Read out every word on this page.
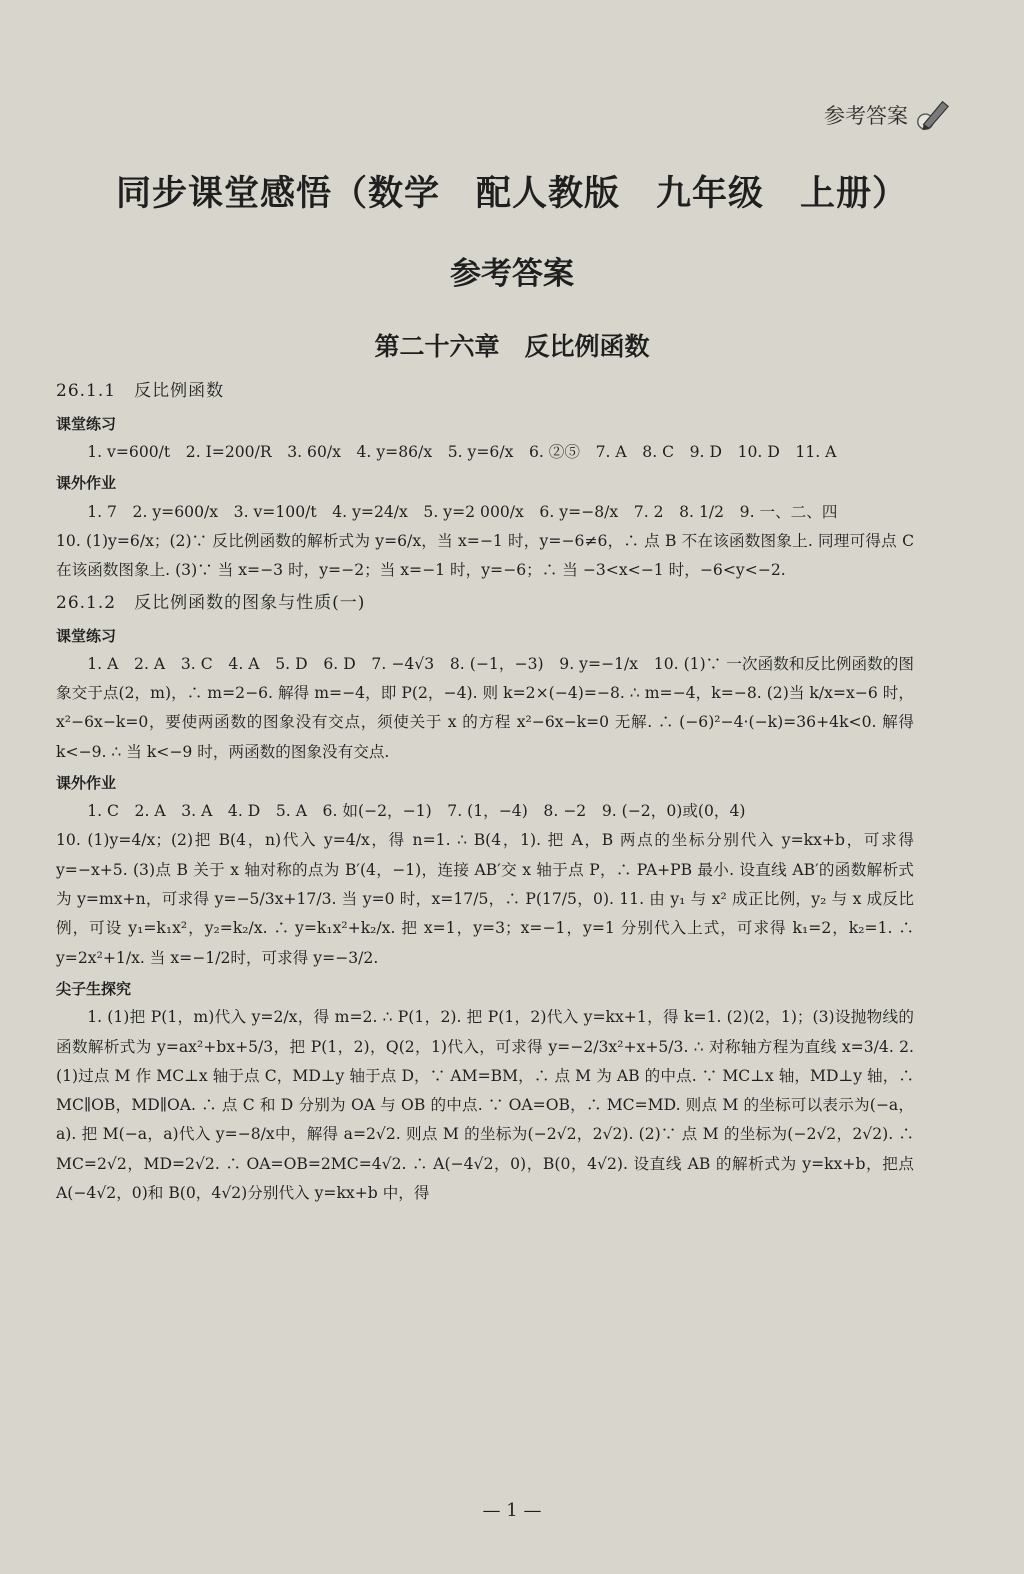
参考答案
同步课堂感悟（数学　配人教版　九年级　上册）
参考答案
第二十六章　反比例函数
26.1.1　反比例函数
课堂练习

1. v=600/t　2. I=200/R　3. 60/x　4. y=86/x　5. y=6/x　6. ②⑤　7. A　8. C　9. D　10. D　11. A

课外作业

1. 7　2. y=600/x　3. v=100/t　4. y=24/x　5. y=2 000/x　6. y=−8/x　7. 2　8. 1/2　9. 一、二、四

10. (1)y=6/x；(2)∵ 反比例函数的解析式为 y=6/x，当 x=−1 时，y=−6≠6，∴ 点 B 不在该函数图象上. 同理可得点 C 在该函数图象上. (3)∵ 当 x=−3 时，y=−2；当 x=−1 时，y=−6；∴ 当 −3<x<−1 时，−6<y<−2.

26.1.2　反比例函数的图象与性质(一)
课堂练习

1. A　2. A　3. C　4. A　5. D　6. D　7. −4√3　8. (−1，−3)　9. y=−1/x　10. (1)∵ 一次函数和反比例函数的图象交于点(2，m)，∴ m=2−6. 解得 m=−4，即 P(2，−4). 则 k=2×(−4)=−8. ∴ m=−4，k=−8. (2)当 k/x=x−6 时，x²−6x−k=0，要使两函数的图象没有交点，须使关于 x 的方程 x²−6x−k=0 无解. ∴ (−6)²−4·(−k)=36+4k<0. 解得 k<−9. ∴ 当 k<−9 时，两函数的图象没有交点.

课外作业

1. C　2. A　3. A　4. D　5. A　6. 如(−2，−1)　7. (1，−4)　8. −2　9. (−2，0)或(0，4)

10. (1)y=4/x；(2)把 B(4，n)代入 y=4/x，得 n=1. ∴ B(4，1). 把 A，B 两点的坐标分别代入 y=kx+b，可求得 y=−x+5. (3)点 B 关于 x 轴对称的点为 B′(4，−1)，连接 AB′交 x 轴于点 P，∴ PA+PB 最小. 设直线 AB′的函数解析式为 y=mx+n，可求得 y=−5/3x+17/3. 当 y=0 时，x=17/5，∴ P(17/5，0). 11. 由 y₁ 与 x² 成正比例，y₂ 与 x 成反比例，可设 y₁=k₁x²，y₂=k₂/x. ∴ y=k₁x²+k₂/x. 把 x=1，y=3；x=−1，y=1 分别代入上式，可求得 k₁=2，k₂=1. ∴ y=2x²+1/x. 当 x=−1/2时，可求得 y=−3/2.

尖子生探究

1. (1)把 P(1，m)代入 y=2/x，得 m=2. ∴ P(1，2). 把 P(1，2)代入 y=kx+1，得 k=1. (2)(2，1)；(3)设抛物线的函数解析式为 y=ax²+bx+5/3，把 P(1，2)，Q(2，1)代入，可求得 y=−2/3x²+x+5/3. ∴ 对称轴方程为直线 x=3/4. 2. (1)过点 M 作 MC⊥x 轴于点 C，MD⊥y 轴于点 D，∵ AM=BM，∴ 点 M 为 AB 的中点. ∵ MC⊥x 轴，MD⊥y 轴，∴ MC∥OB，MD∥OA. ∴ 点 C 和 D 分别为 OA 与 OB 的中点. ∵ OA=OB，∴ MC=MD. 则点 M 的坐标可以表示为(−a，a). 把 M(−a，a)代入 y=−8/x中，解得 a=2√2. 则点 M 的坐标为(−2√2，2√2). (2)∵ 点 M 的坐标为(−2√2，2√2). ∴ MC=2√2，MD=2√2. ∴ OA=OB=2MC=4√2. ∴ A(−4√2，0)，B(0，4√2). 设直线 AB 的解析式为 y=kx+b，把点 A(−4√2，0)和 B(0，4√2)分别代入 y=kx+b 中，得

— 1 —
